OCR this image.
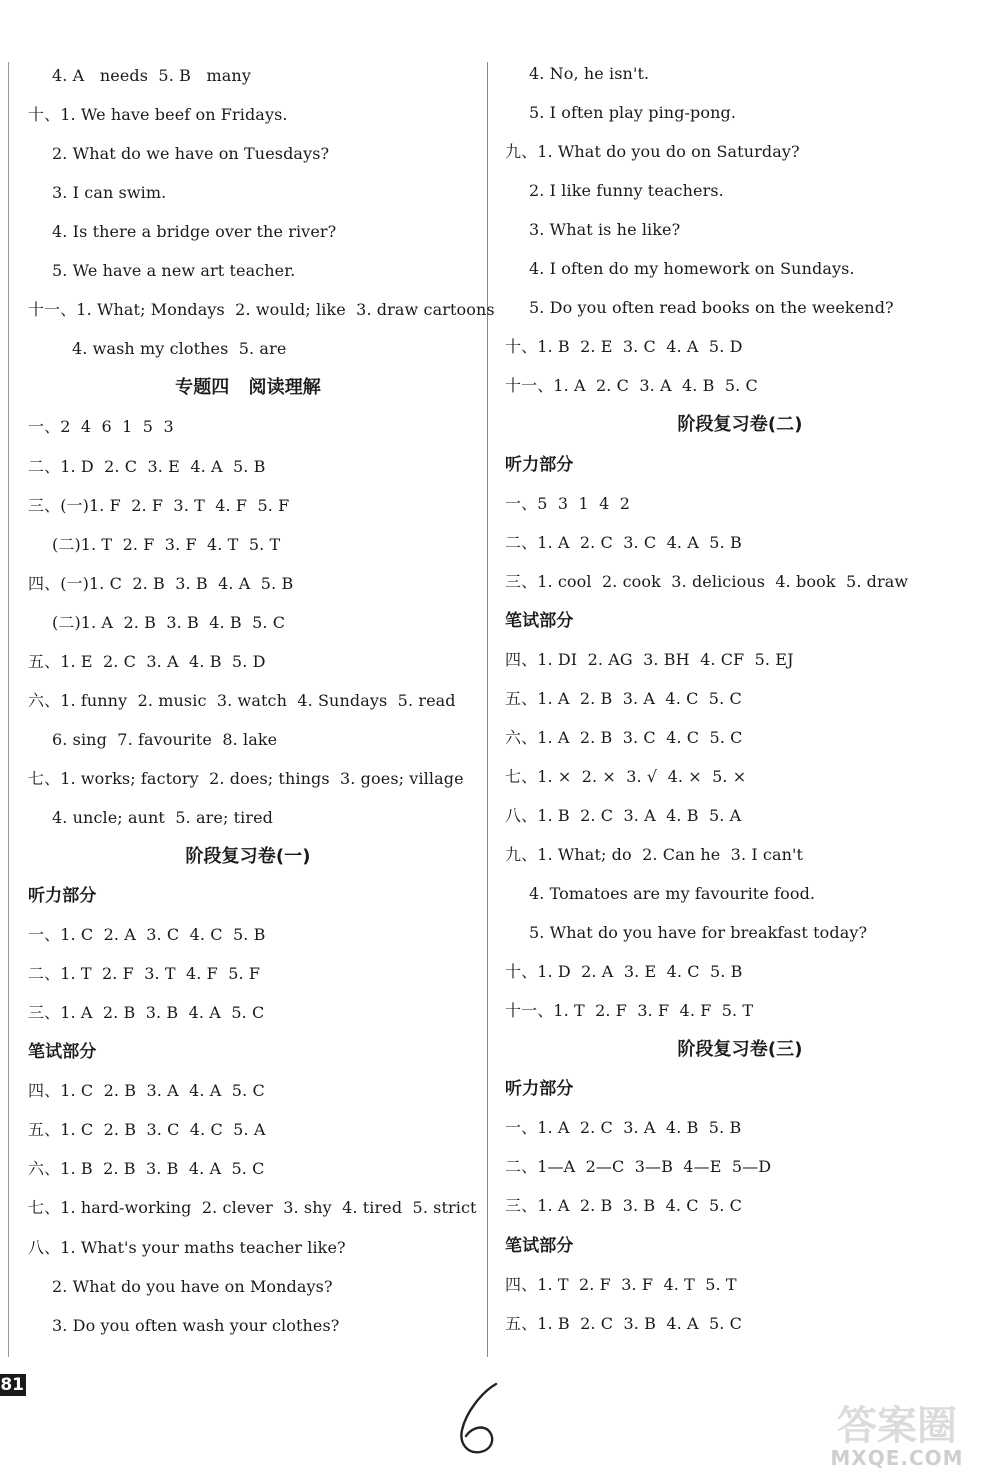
4. A   needs  5. B   many
十、1. We have beef on Fridays.
2. What do we have on Tuesdays?
3. I can swim.
4. Is there a bridge over the river?
5. We have a new art teacher.
十一、1. What; Mondays  2. would; like  3. draw cartoons
4. wash my clothes  5. are
专题四   阅读理解
一、2  4  6  1  5  3
二、1. D  2. C  3. E  4. A  5. B
三、(一)1. F  2. F  3. T  4. F  5. F
(二)1. T  2. F  3. F  4. T  5. T
四、(一)1. C  2. B  3. B  4. A  5. B
(二)1. A  2. B  3. B  4. B  5. C
五、1. E  2. C  3. A  4. B  5. D
六、1. funny  2. music  3. watch  4. Sundays  5. read
6. sing  7. favourite  8. lake
七、1. works; factory  2. does; things  3. goes; village
4. uncle; aunt  5. are; tired
阶段复习卷(一)
听力部分
一、1. C  2. A  3. C  4. C  5. B
二、1. T  2. F  3. T  4. F  5. F
三、1. A  2. B  3. B  4. A  5. C
笔试部分
四、1. C  2. B  3. A  4. A  5. C
五、1. C  2. B  3. C  4. C  5. A
六、1. B  2. B  3. B  4. A  5. C
七、1. hard-working  2. clever  3. shy  4. tired  5. strict
八、1. What's your maths teacher like?
2. What do you have on Mondays?
3. Do you often wash your clothes?
4. No, he isn't.
5. I often play ping-pong.
九、1. What do you do on Saturday?
2. I like funny teachers.
3. What is he like?
4. I often do my homework on Sundays.
5. Do you often read books on the weekend?
十、1. B  2. E  3. C  4. A  5. D
十一、1. A  2. C  3. A  4. B  5. C
阶段复习卷(二)
听力部分
一、5  3  1  4  2
二、1. A  2. C  3. C  4. A  5. B
三、1. cool  2. cook  3. delicious  4. book  5. draw
笔试部分
四、1. DI  2. AG  3. BH  4. CF  5. EJ
五、1. A  2. B  3. A  4. C  5. C
六、1. A  2. B  3. C  4. C  5. C
七、1. ×  2. ×  3. √  4. ×  5. ×
八、1. B  2. C  3. A  4. B  5. A
九、1. What; do  2. Can he  3. I can't
4. Tomatoes are my favourite food.
5. What do you have for breakfast today?
十、1. D  2. A  3. E  4. C  5. B
十一、1. T  2. F  3. F  4. F  5. T
阶段复习卷(三)
听力部分
一、1. A  2. C  3. A  4. B  5. B
二、1—A  2—C  3—B  4—E  5—D
三、1. A  2. B  3. B  4. C  5. C
笔试部分
四、1. T  2. F  3. F  4. T  5. T
五、1. B  2. C  3. B  4. A  5. C
81
答案圈
MXQE.COM
